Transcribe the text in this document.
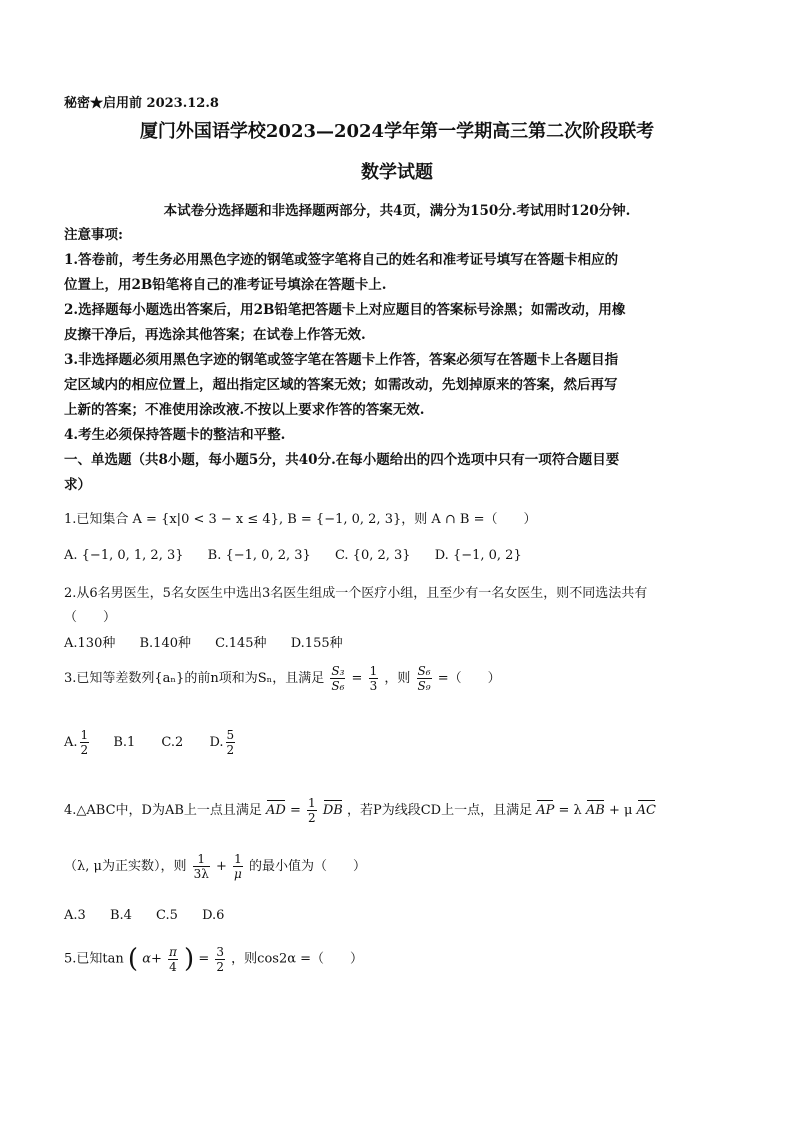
秘密★启用前 2023.12.8
厦门外国语学校2023—2024学年第一学期高三第二次阶段联考
数学试题
本试卷分选择题和非选择题两部分，共4页，满分为150分.考试用时120分钟.
注意事项:
1.答卷前，考生务必用黑色字迹的钢笔或签字笔将自己的姓名和准考证号填写在答题卡相应的
位置上，用2B铅笔将自己的准考证号填涂在答题卡上.
2.选择题每小题选出答案后，用2B铅笔把答题卡上对应题目的答案标号涂黑；如需改动，用橡
皮擦干净后，再选涂其他答案；在试卷上作答无效.
3.非选择题必须用黑色字迹的钢笔或签字笔在答题卡上作答，答案必须写在答题卡上各题目指
定区域内的相应位置上，超出指定区域的答案无效；如需改动，先划掉原来的答案，然后再写
上新的答案；不准使用涂改液.不按以上要求作答的答案无效.
4.考生必须保持答题卡的整洁和平整.
一、单选题（共8小题，每小题5分，共40分.在每小题给出的四个选项中只有一项符合题目要
求）
1.已知集合 A = {x|0 < 3 − x ≤ 4}, B = {−1, 0, 2, 3}，则 A ∩ B =（　　）
A. {−1, 0, 1, 2, 3} B. {−1, 0, 2, 3} C. {0, 2, 3} D. {−1, 0, 2}
2.从6名男医生，5名女医生中选出3名医生组成一个医疗小组，且至少有一名女医生，则不同选法共有
（　　）
A.130种 B.140种 C.145种 D.155种
3.已知等差数列{aₙ}的前n项和为Sₙ，且满足 $\frac{\text{S₃}}{\text{S₆}} = \frac{1}{3}$ ，则 $\frac{\text{S₆}}{\text{S₉}}$ =（　　）
A. $\frac{1}{2} B.1$ C.2 D. $\frac{5}{2}$
4.△ABC中，D为AB上一点且满足 AD = $\frac{1}{2}$ DB ，若P为线段CD上一点，且满足 AP = λ AB + μ AC
（λ, μ为正实数），则 $\frac{1}{3\lambda} + \frac{1}{\mu}$ 的最小值为（　　）
A.3 B.4 C.5 D.6
5.已知tan ( $\alpha+ \frac{\pi}{4}$ ) = $\frac{3}{2}$ ，则cos2α =（　　）
